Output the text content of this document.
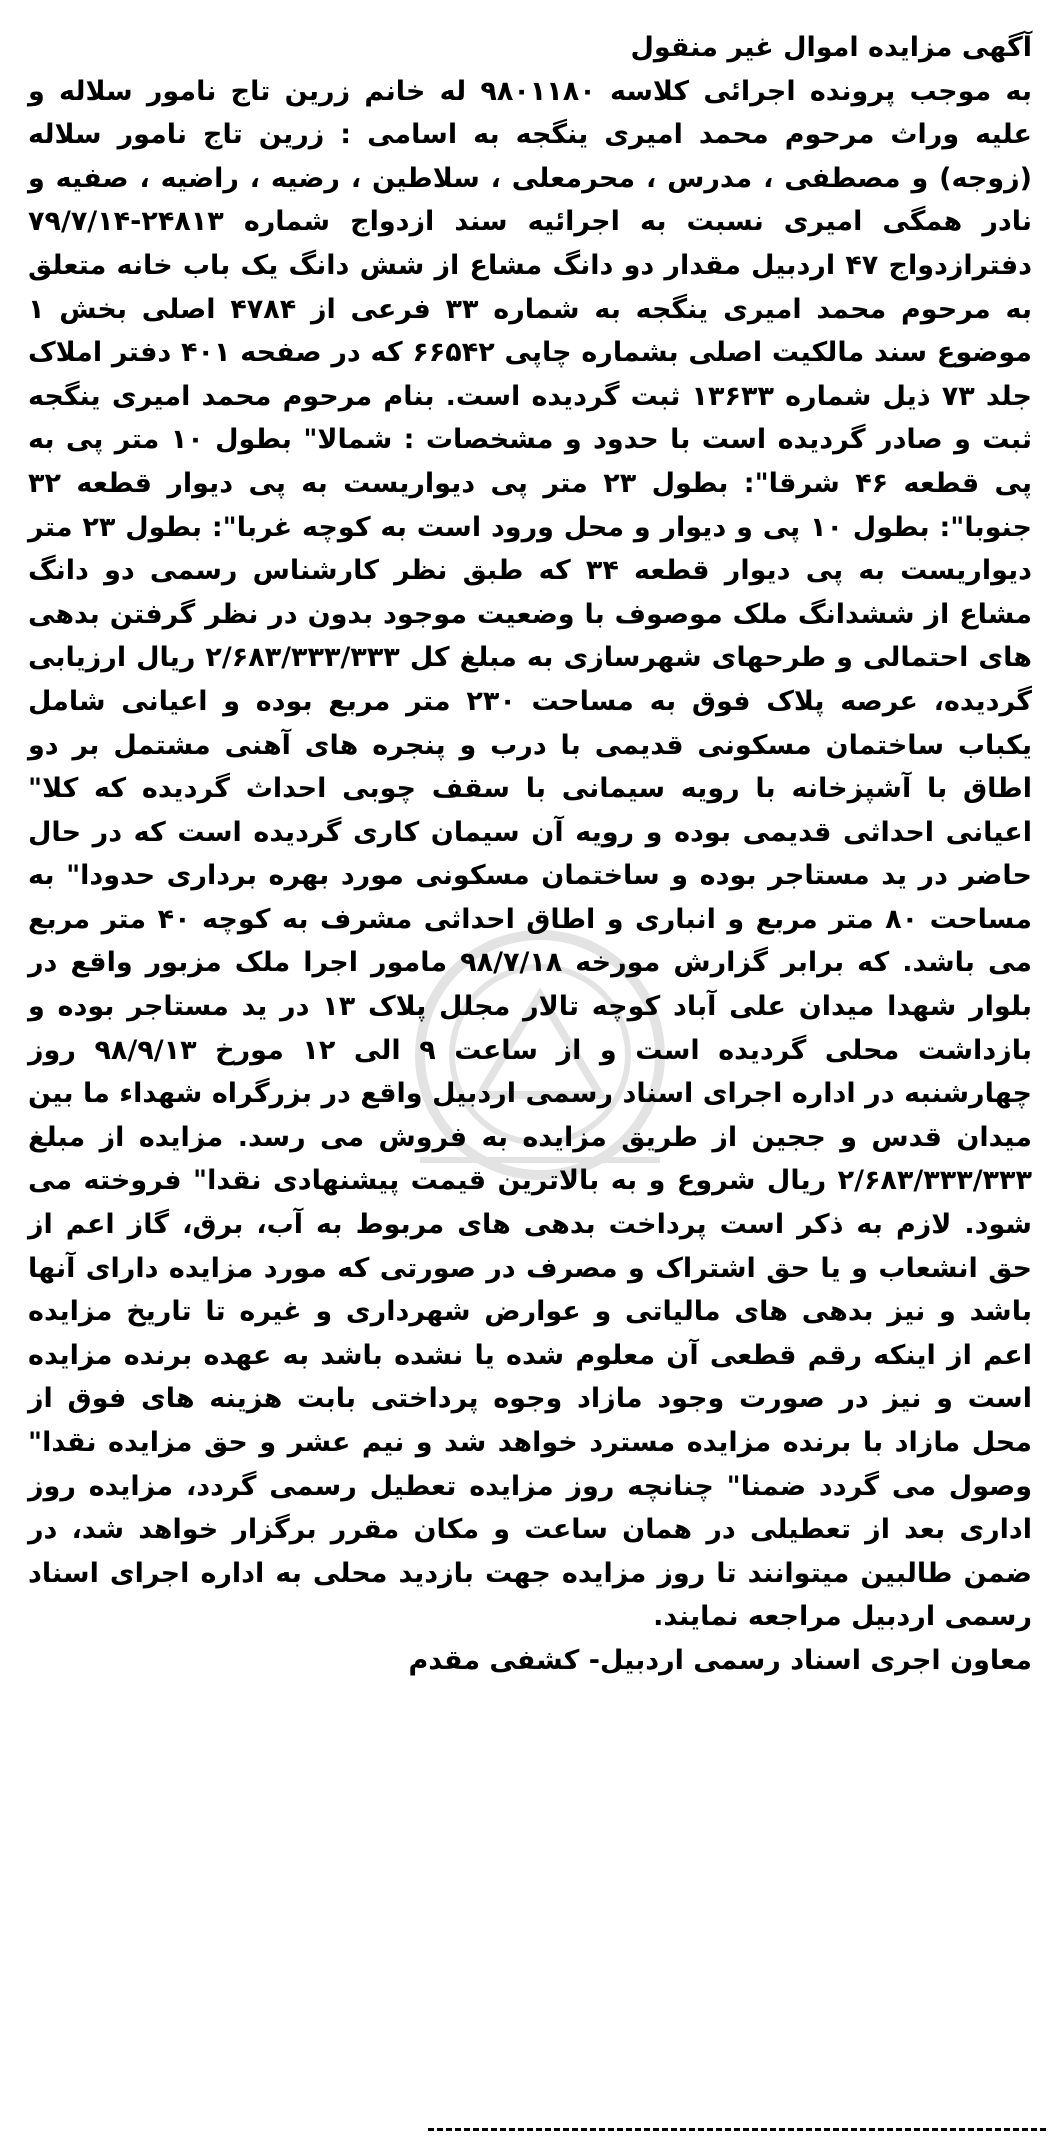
آگهی مزایده اموال غیر منقول
به موجب پرونده اجرائی کلاسه ۹۸۰۱۱۸۰ له خانم زرین تاج نامور سلاله و علیه وراث مرحوم محمد امیری ینگجه به اسامی : زرین تاج نامور سلاله (زوجه) و مصطفی ، مدرس ، محرمعلی ، سلاطین ، رضیه ، راضیه ، صفیه و نادر همگی امیری نسبت به اجرائیه سند ازدواج شماره ۲۴۸۱۳-۷۹/۷/۱۴ دفترازدواج ۴۷ اردبیل مقدار دو دانگ مشاع از شش دانگ یک باب خانه متعلق به مرحوم محمد امیری ینگجه به شماره ۳۳ فرعی از ۴۷۸۴ اصلی بخش ۱ موضوع سند مالکیت اصلی بشماره چاپی ۶۶۵۴۲ که در صفحه ۴۰۱ دفتر املاک جلد ۷۳ ذیل شماره ۱۳۶۳۳ ثبت گردیده است. بنام مرحوم محمد امیری ینگجه ثبت و صادر گردیده است با حدود و مشخصات : شمالا" بطول ۱۰ متر پی به پی قطعه ۴۶ شرقا": بطول ۲۳ متر پی دیواریست به پی دیوار قطعه ۳۲ جنوبا": بطول ۱۰ پی و دیوار و محل ورود است به کوچه غربا": بطول ۲۳ متر دیواریست به پی دیوار قطعه ۳۴ که طبق نظر کارشناس رسمی دو دانگ مشاع از ششدانگ ملک موصوف با وضعیت موجود بدون در نظر گرفتن بدهی های احتمالی و طرحهای شهرسازی به مبلغ کل ۲/۶۸۳/۳۳۳/۳۳۳ ریال ارزیابی گردیده، عرصه پلاک فوق به مساحت ۲۳۰ متر مربع بوده و اعیانی شامل یکباب ساختمان مسکونی قدیمی با درب و پنجره های آهنی مشتمل بر دو اطاق با آشپزخانه با رویه سیمانی با سقف چوبی احداث گردیده که کلا" اعیانی احداثی قدیمی بوده و رویه آن سیمان کاری گردیده است که در حال حاضر در ید مستاجر بوده و ساختمان مسکونی مورد بهره برداری حدودا" به مساحت ۸۰ متر مربع و انباری و اطاق احداثی مشرف به کوچه ۴۰ متر مربع می باشد. که برابر گزارش مورخه ۹۸/۷/۱۸ مامور اجرا ملک مزبور واقع در بلوار شهدا میدان علی آباد کوچه تالار مجلل پلاک ۱۳ در ید مستاجر بوده و بازداشت محلی گردیده است و از ساعت ۹ الی ۱۲ مورخ ۹۸/۹/۱۳ روز چهارشنبه در اداره اجرای اسناد رسمی اردبیل واقع در بزرگراه شهداء ما بین میدان قدس و ججین از طریق مزایده به فروش می رسد. مزایده از مبلغ ۲/۶۸۳/۳۳۳/۳۳۳ ریال شروع و به بالاترین قیمت پیشنهادی نقدا" فروخته می شود. لازم به ذکر است پرداخت بدهی های مربوط به آب، برق، گاز اعم از حق انشعاب و یا حق اشتراک و مصرف در صورتی که مورد مزایده دارای آنها باشد و نیز بدهی های مالیاتی و عوارض شهرداری و غیره تا تاریخ مزایده اعم از اینکه رقم قطعی آن معلوم شده یا نشده باشد به عهده برنده مزایده است و نیز در صورت وجود مازاد وجوه پرداختی بابت هزینه های فوق از محل مازاد با برنده مزایده مسترد خواهد شد و نیم عشر و حق مزایده نقدا" وصول می گردد ضمنا" چنانچه روز مزایده تعطیل رسمی گردد، مزایده روز اداری بعد از تعطیلی در همان ساعت و مکان مقرر برگزار خواهد شد، در ضمن طالبین میتوانند تا روز مزایده جهت بازدید محلی به اداره اجرای اسناد رسمی اردبیل مراجعه نمایند.
معاون اجری اسناد رسمی اردبیل- کشفی مقدم
